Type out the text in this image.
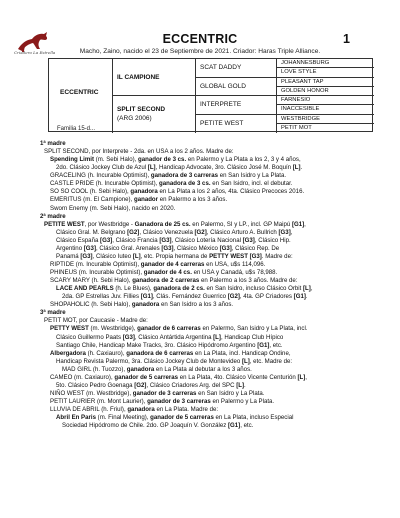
Criadero La Estrella
ECCENTRIC	1
Macho, Zaino, nacido el 23 de Septiembre de 2021. Criador: Haras Triple Alliance.
ECCENTRIC
Familia 15-d...
IL CAMPIONE
SPLIT SECOND
(ARG 2006)
SCAT DADDY
GLOBAL GOLD
INTERPRETE
PETITE WEST
JOHANNESBURG
LOVE STYLE
PLEASANT TAP
GOLDEN HONOR
FARNESIO
INACCESIBLE
WESTBRIDGE
PETIT MOT
1ª madre
SPLIT SECOND, por Interprete - 2da. en USA a los 2 años. Madre de:
Spending Limit (m. Sebi Halo), ganador de 3 cs. en Palermo y La Plata a los 2, 3 y 4 años,
2do. Clásico Jockey Club de Azul [L], Handicap Advocate, 3ro. Clásico José M. Boquín [L].
GRACELING (h. Incurable Optimist), ganadora de 3 carreras en San Isidro y La Plata.
CASTLE PRIDE (h. Incurable Optimist), ganadora de 3 cs. en San Isidro, incl. el debutar.
SO SO COOL (h. Sebi Halo), ganadora en La Plata a los 2 años, 4ta. Clásico Precoces 2016.
EMERITUS (m. El Campione), ganador en Palermo a los 3 años.
Sworn Enemy (m. Sebi Halo), nacido en 2020.
2ª madre
PETITE WEST, por Westbridge - Ganadora de 25 cs. en Palermo, SI y LP., incl. GP Maipú [G1],
Clásico Gral. M. Belgrano [G2], Clásico Venezuela [G2], Clásico Arturo A. Bullrich [G3],
Clásico España [G3], Clásico Francia [G3], Clásico Lotería Nacional [G3], Clásico Hip.
Argentino [G3], Clásico Gral. Arenales [G3], Clásico México [G3], Clásico Rep. De
Panamá [G3], Clásico Iuteo [L], etc. Propia hermana de PETTY WEST [G3]. Madre de:
RIPTIDE (m. Incurable Optimist), ganador de 4 carreras en USA, u$s 114,096.
PHINEUS (m. Incurable Optimist), ganador de 4 cs. en USA y Canadá, u$s 78,988.
SCARY MARY (h. Sebi Halo), ganadora de 2 carreras en Palermo a los 3 años. Madre de:
LACE AND PEARLS (h. Le Blues), ganadora de 2 cs. en San Isidro, incluso Clásico Orbit [L],
2da. GP Estrellas Juv. Fillies [G1], Clás. Fernández Guerrico [G2], 4ta. GP Criadores [G1].
SHOPAHOLIC (h. Sebi Halo), ganadora en San Isidro a los 3 años.
3ª madre
PETIT MOT, por Caucasie - Madre de:
PETTY WEST (m. Westbridge), ganador de 6 carreras en Palermo, San Isidro y La Plata, incl.
Clásico Guillermo Paats [G3], Clásico Antártida Argentina [L], Handicap Club Hípico
Santiago Chile, Handicap Make Tracks, 3ro. Clásico Hipódromo Argentino [G1], etc.
Albergadora (h. Caxiauro), ganadora de 6 carreras en La Plata, incl. Handicap Ondine,
Handicap Revista Palermo, 3ra. Clásico Jockey Club de Montevideo [L], etc. Madre de:
MAD GIRL (h. Tuozzo), ganadora en La Plata al debutar a los 3 años.
CAMEO (m. Caxiauro), ganador de 5 carreras en La Plata, 4to. Clásico Vicente Centurión [L],
5to. Clásico Pedro Goenaga [G2], Clásico Criadores Arg. del SPC [L].
NIÑO WEST (m. Westbridge), ganador de 3 carreras en San Isidro y La Plata.
PETIT LAURIER (m. Mont Laurier), ganador de 3 carreras en Palermo y La Plata.
LLUVIA DE ABRIL (h. Friul), ganadora en La Plata. Madre de:
Abril En Paris (m. Final Meeting), ganador de 5 carreras en La Plata, incluso Especial
Sociedad Hipódromo de Chile. 2do. GP Joaquín V. González [G1], etc.
